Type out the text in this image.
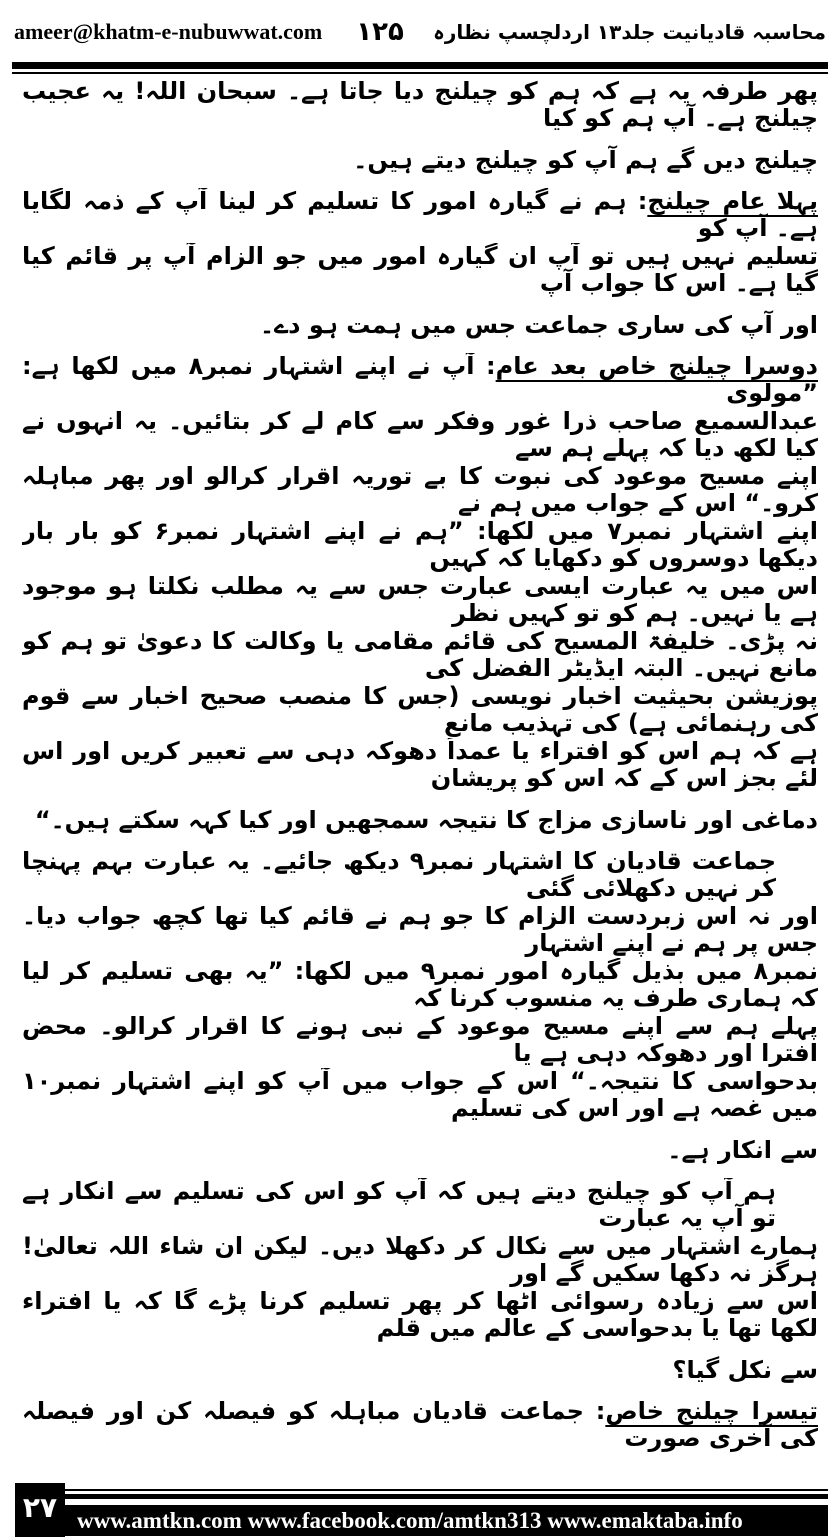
ameer@khatm-e-nubuwwat.com ۱۲۵ محاسبہ قادیانیت جلد۱۳ اردلچسپ نظارہ
پھر طرفہ یہ ہے کہ ہم کو چیلنج دیا جاتا ہے۔ سبحان اللہ! یہ عجیب چیلنج ہے۔ آپ ہم کو کیا
چیلنج دیں گے ہم آپ کو چیلنج دیتے ہیں۔
پہلا عام چیلنج: ہم نے گیارہ امور کا تسلیم کر لینا آپ کے ذمہ لگایا ہے۔ آپ کو
تسلیم نہیں ہیں تو آپ ان گیارہ امور میں جو الزام آپ پر قائم کیا گیا ہے۔ اس کا جواب آپ
اور آپ کی ساری جماعت جس میں ہمت ہو دے۔
دوسرا چیلنج خاص بعد عام: آپ نے اپنے اشتہار نمبر۸ میں لکھا ہے: ”مولوی
عبدالسمیع صاحب ذرا غور وفکر سے کام لے کر بتائیں۔ یہ انہوں نے کیا لکھ دیا کہ پہلے ہم سے
اپنے مسیح موعود کی نبوت کا بے توریہ اقرار کرالو اور پھر مباہلہ کرو۔“ اس کے جواب میں ہم نے
اپنے اشتہار نمبر۷ میں لکھا: ”ہم نے اپنے اشتہار نمبر۶ کو بار بار دیکھا دوسروں کو دکھایا کہ کہیں
اس میں یہ عبارت ایسی عبارت جس سے یہ مطلب نکلتا ہو موجود ہے یا نہیں۔ ہم کو تو کہیں نظر
نہ پڑی۔ خلیفۃ المسیح کی قائم مقامی یا وکالت کا دعویٰ تو ہم کو مانع نہیں۔ البتہ ایڈیٹر الفضل کی
پوزیشن بحیثیت اخبار نویسی (جس کا منصب صحیح اخبار سے قوم کی رہنمائی ہے) کی تہذیب مانع
ہے کہ ہم اس کو افتراء یا عمداً دھوکہ دہی سے تعبیر کریں اور اس لئے بجز اس کے کہ اس کو پریشان
دماغی اور ناسازی مزاج کا نتیجہ سمجھیں اور کیا کہہ سکتے ہیں۔“
جماعت قادیان کا اشتہار نمبر۹ دیکھ جائیے۔ یہ عبارت بہم پہنچا کر نہیں دکھلائی گئی
اور نہ اس زبردست الزام کا جو ہم نے قائم کیا تھا کچھ جواب دیا۔ جس پر ہم نے اپنے اشتہار
نمبر۸ میں بذیل گیارہ امور نمبر۹ میں لکھا: ”یہ بھی تسلیم کر لیا کہ ہماری طرف یہ منسوب کرنا کہ
پہلے ہم سے اپنے مسیح موعود کے نبی ہونے کا اقرار کرالو۔ محض افترا اور دھوکہ دہی ہے یا
بدحواسی کا نتیجہ۔“ اس کے جواب میں آپ کو اپنے اشتہار نمبر۱۰ میں غصہ ہے اور اس کی تسلیم
سے انکار ہے۔
ہم آپ کو چیلنج دیتے ہیں کہ آپ کو اس کی تسلیم سے انکار ہے تو آپ یہ عبارت
ہمارے اشتہار میں سے نکال کر دکھلا دیں۔ لیکن ان شاء اللہ تعالیٰ! ہرگز نہ دکھا سکیں گے اور
اس سے زیادہ رسوائی اٹھا کر پھر تسلیم کرنا پڑے گا کہ یا افتراء لکھا تھا یا بدحواسی کے عالم میں قلم
سے نکل گیا؟
تیسرا چیلنج خاص: جماعت قادیان مباہلہ کو فیصلہ کن اور فیصلہ کی آخری صورت
۲۷ www.amtkn.com www.facebook.com/amtkn313 www.emaktaba.info
